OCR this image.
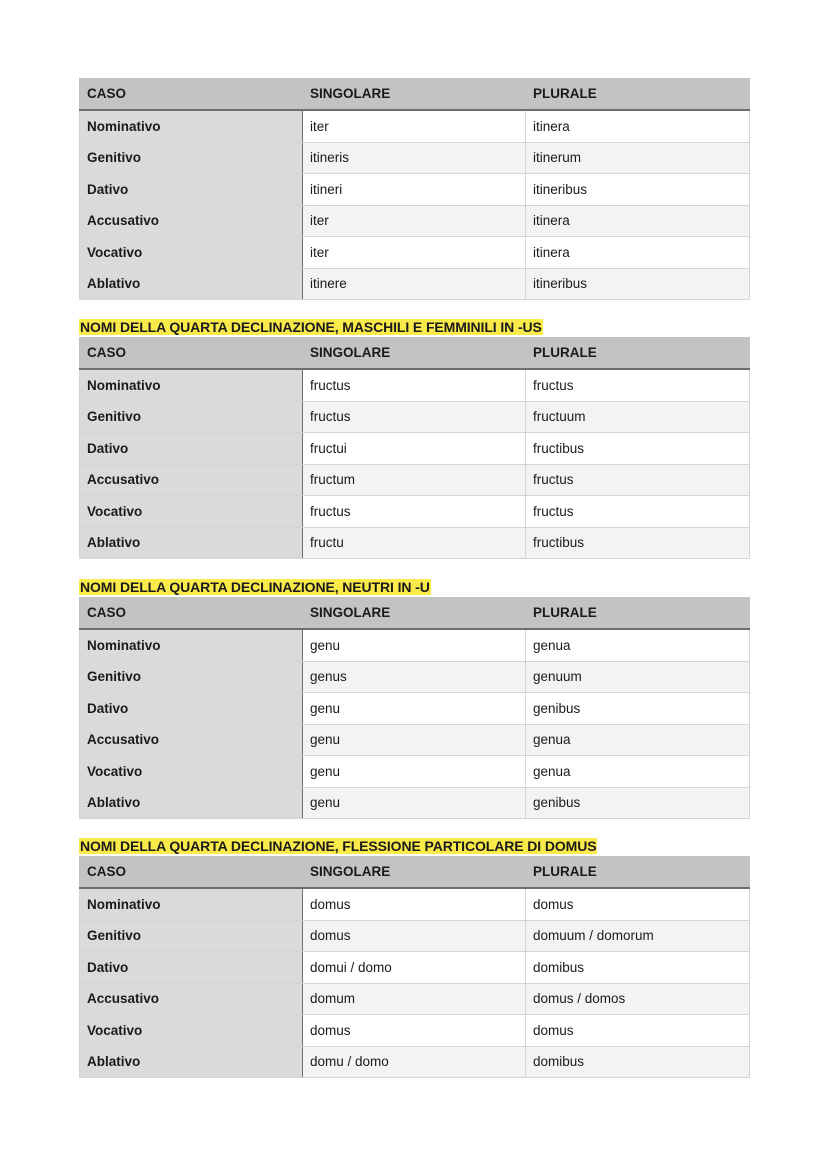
CASO	SINGOLARE	PLURALE
Nominativo	iter	itinera
Genitivo	itineris	itinerum
Dativo	itineri	itineribus
Accusativo	iter	itinera
Vocativo	iter	itinera
Ablativo	itinere	itineribus
NOMI DELLA QUARTA DECLINAZIONE, MASCHILI E FEMMINILI IN -US
CASO	SINGOLARE	PLURALE
Nominativo	fructus	fructus
Genitivo	fructus	fructuum
Dativo	fructui	fructibus
Accusativo	fructum	fructus
Vocativo	fructus	fructus
Ablativo	fructu	fructibus
NOMI DELLA QUARTA DECLINAZIONE, NEUTRI IN -U
CASO	SINGOLARE	PLURALE
Nominativo	genu	genua
Genitivo	genus	genuum
Dativo	genu	genibus
Accusativo	genu	genua
Vocativo	genu	genua
Ablativo	genu	genibus
NOMI DELLA QUARTA DECLINAZIONE, FLESSIONE PARTICOLARE DI DOMUS
CASO	SINGOLARE	PLURALE
Nominativo	domus	domus
Genitivo	domus	domuum / domorum
Dativo	domui / domo	domibus
Accusativo	domum	domus / domos
Vocativo	domus	domus
Ablativo	domu / domo	domibus
